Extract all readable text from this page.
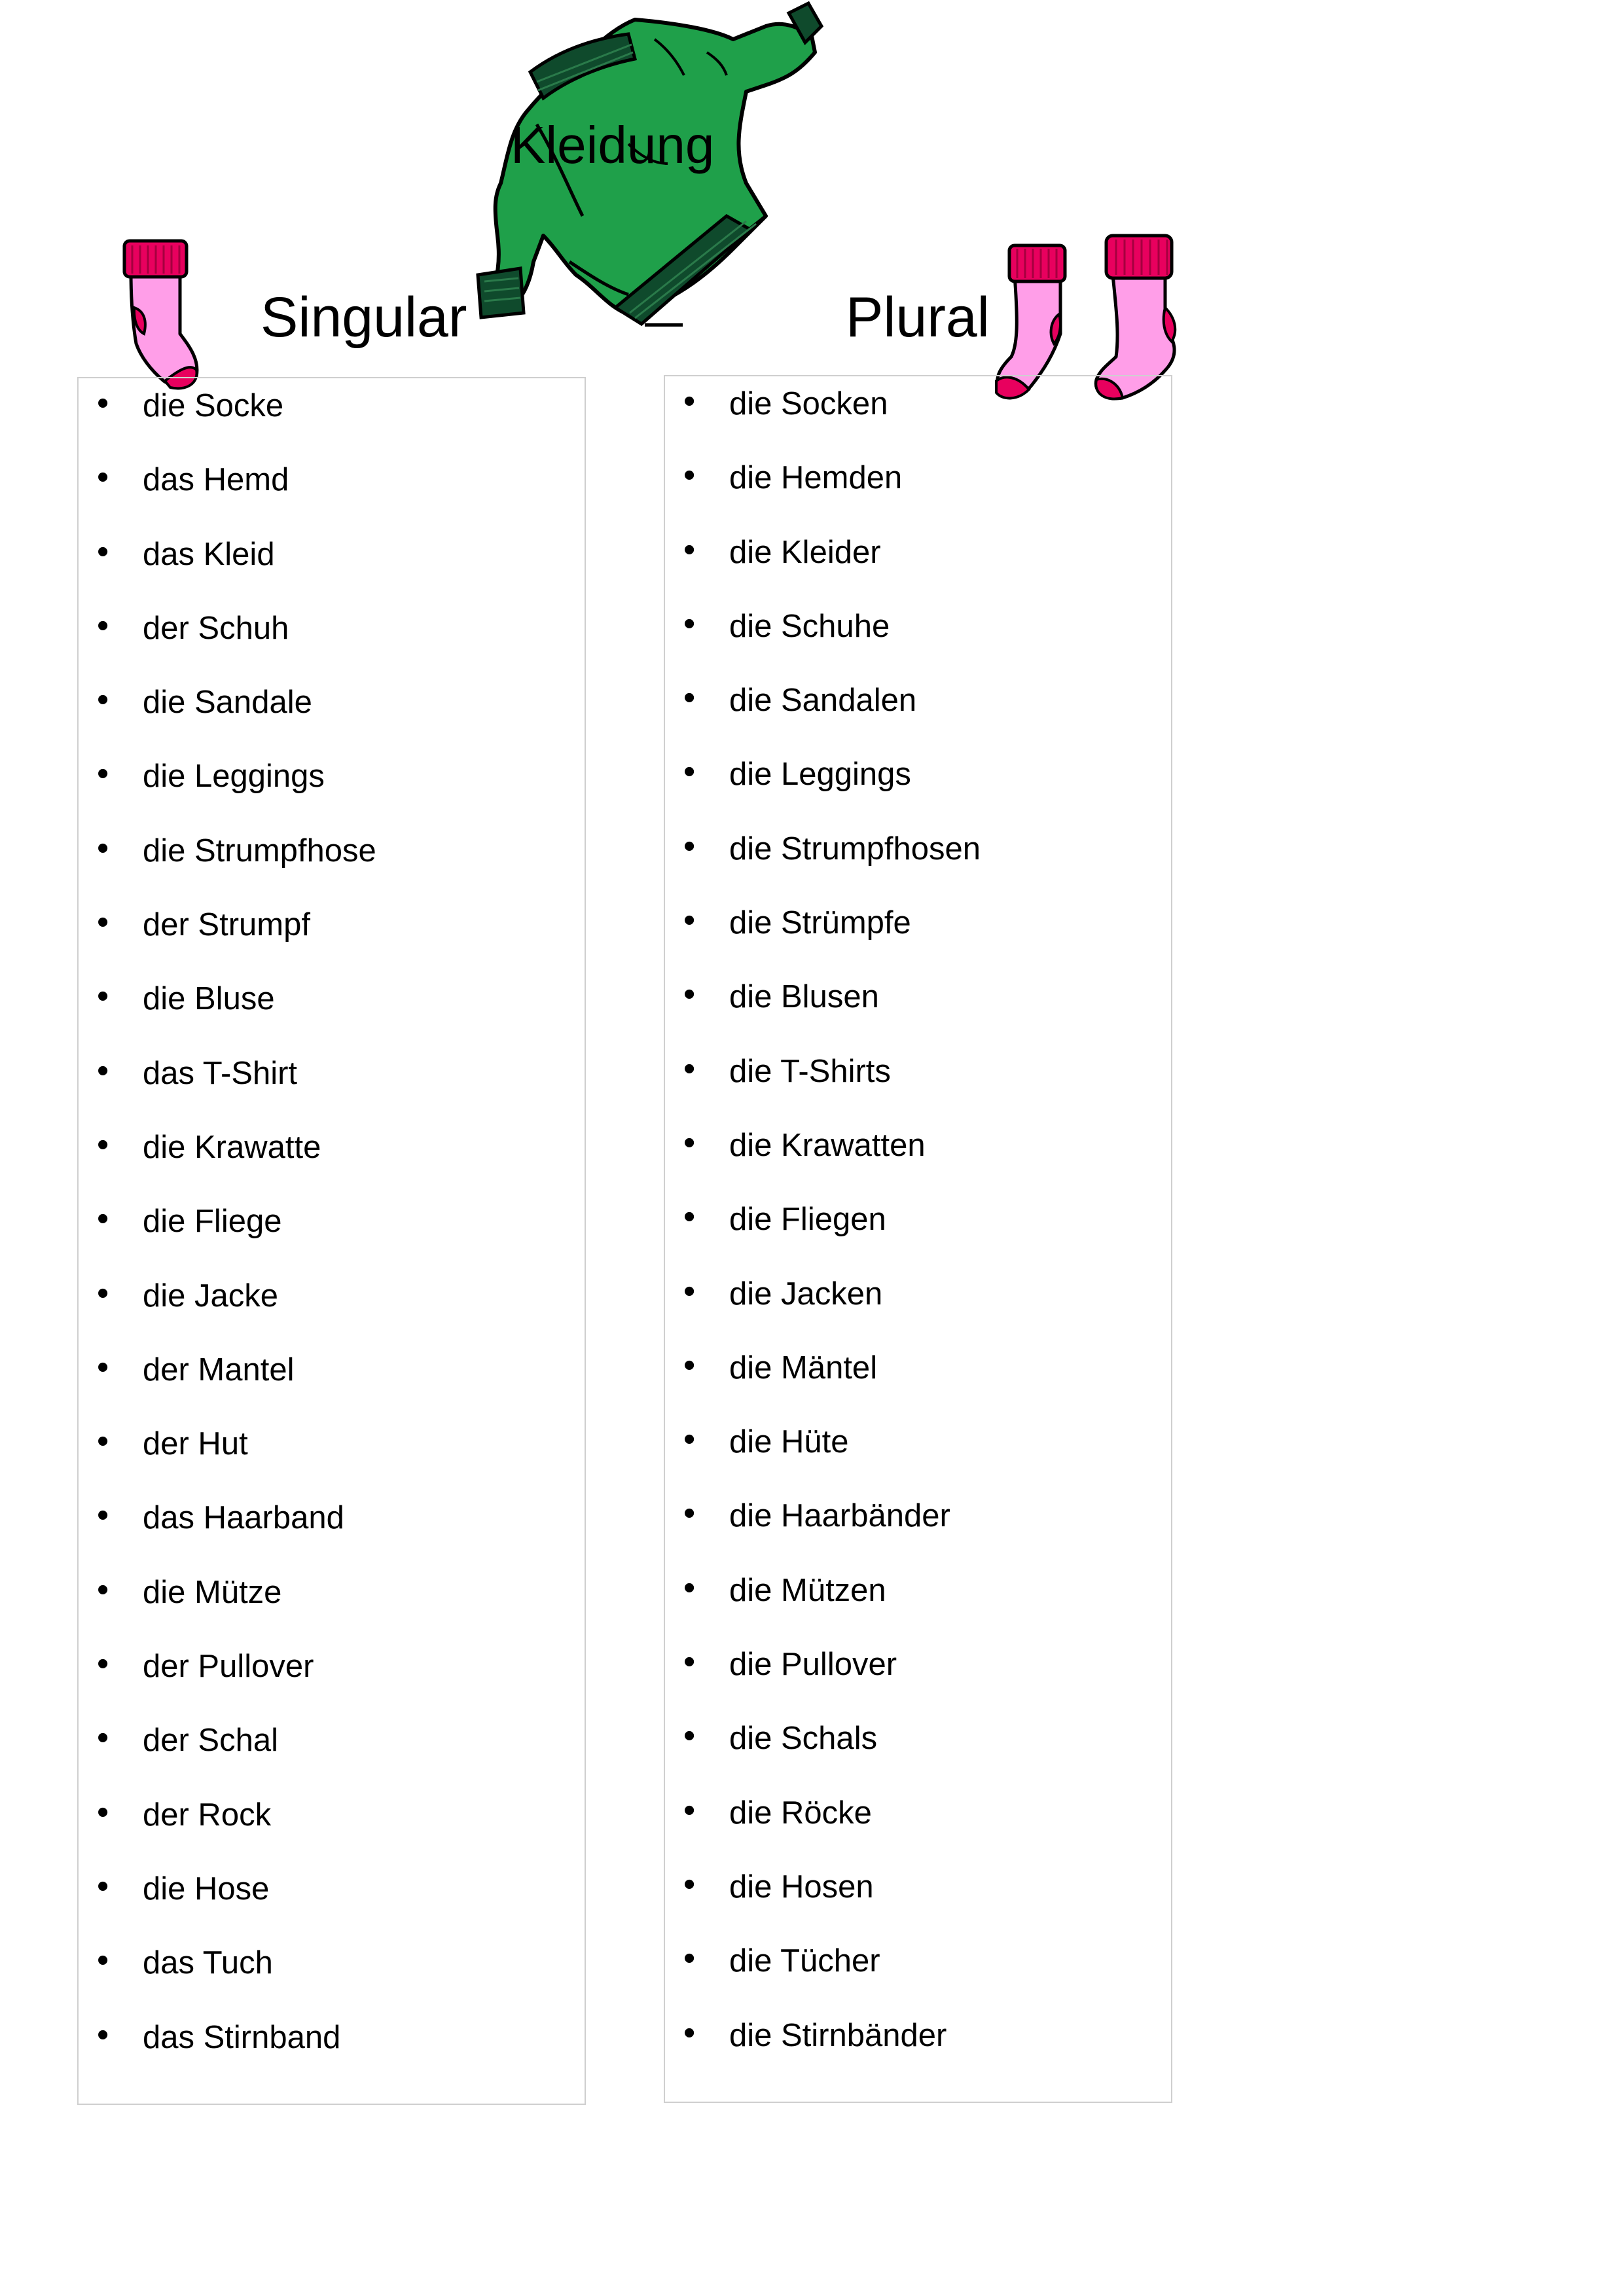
Kleidung
Singular	Plural
• die Socke
• das Hemd
• das Kleid
• der Schuh
• die Sandale
• die Leggings
• die Strumpfhose
• der Strumpf
• die Bluse
• das T-Shirt
• die Krawatte
• die Fliege
• die Jacke
• der Mantel
• der Hut
• das Haarband
• die Mütze
• der Pullover
• der Schal
• der Rock
• die Hose
• das Tuch
• das Stirnband
• die Socken
• die Hemden
• die Kleider
• die Schuhe
• die Sandalen
• die Leggings
• die Strumpfhosen
• die Strümpfe
• die Blusen
• die T-Shirts
• die Krawatten
• die Fliegen
• die Jacken
• die Mäntel
• die Hüte
• die Haarbänder
• die Mützen
• die Pullover
• die Schals
• die Röcke
• die Hosen
• die Tücher
• die Stirnbänder
